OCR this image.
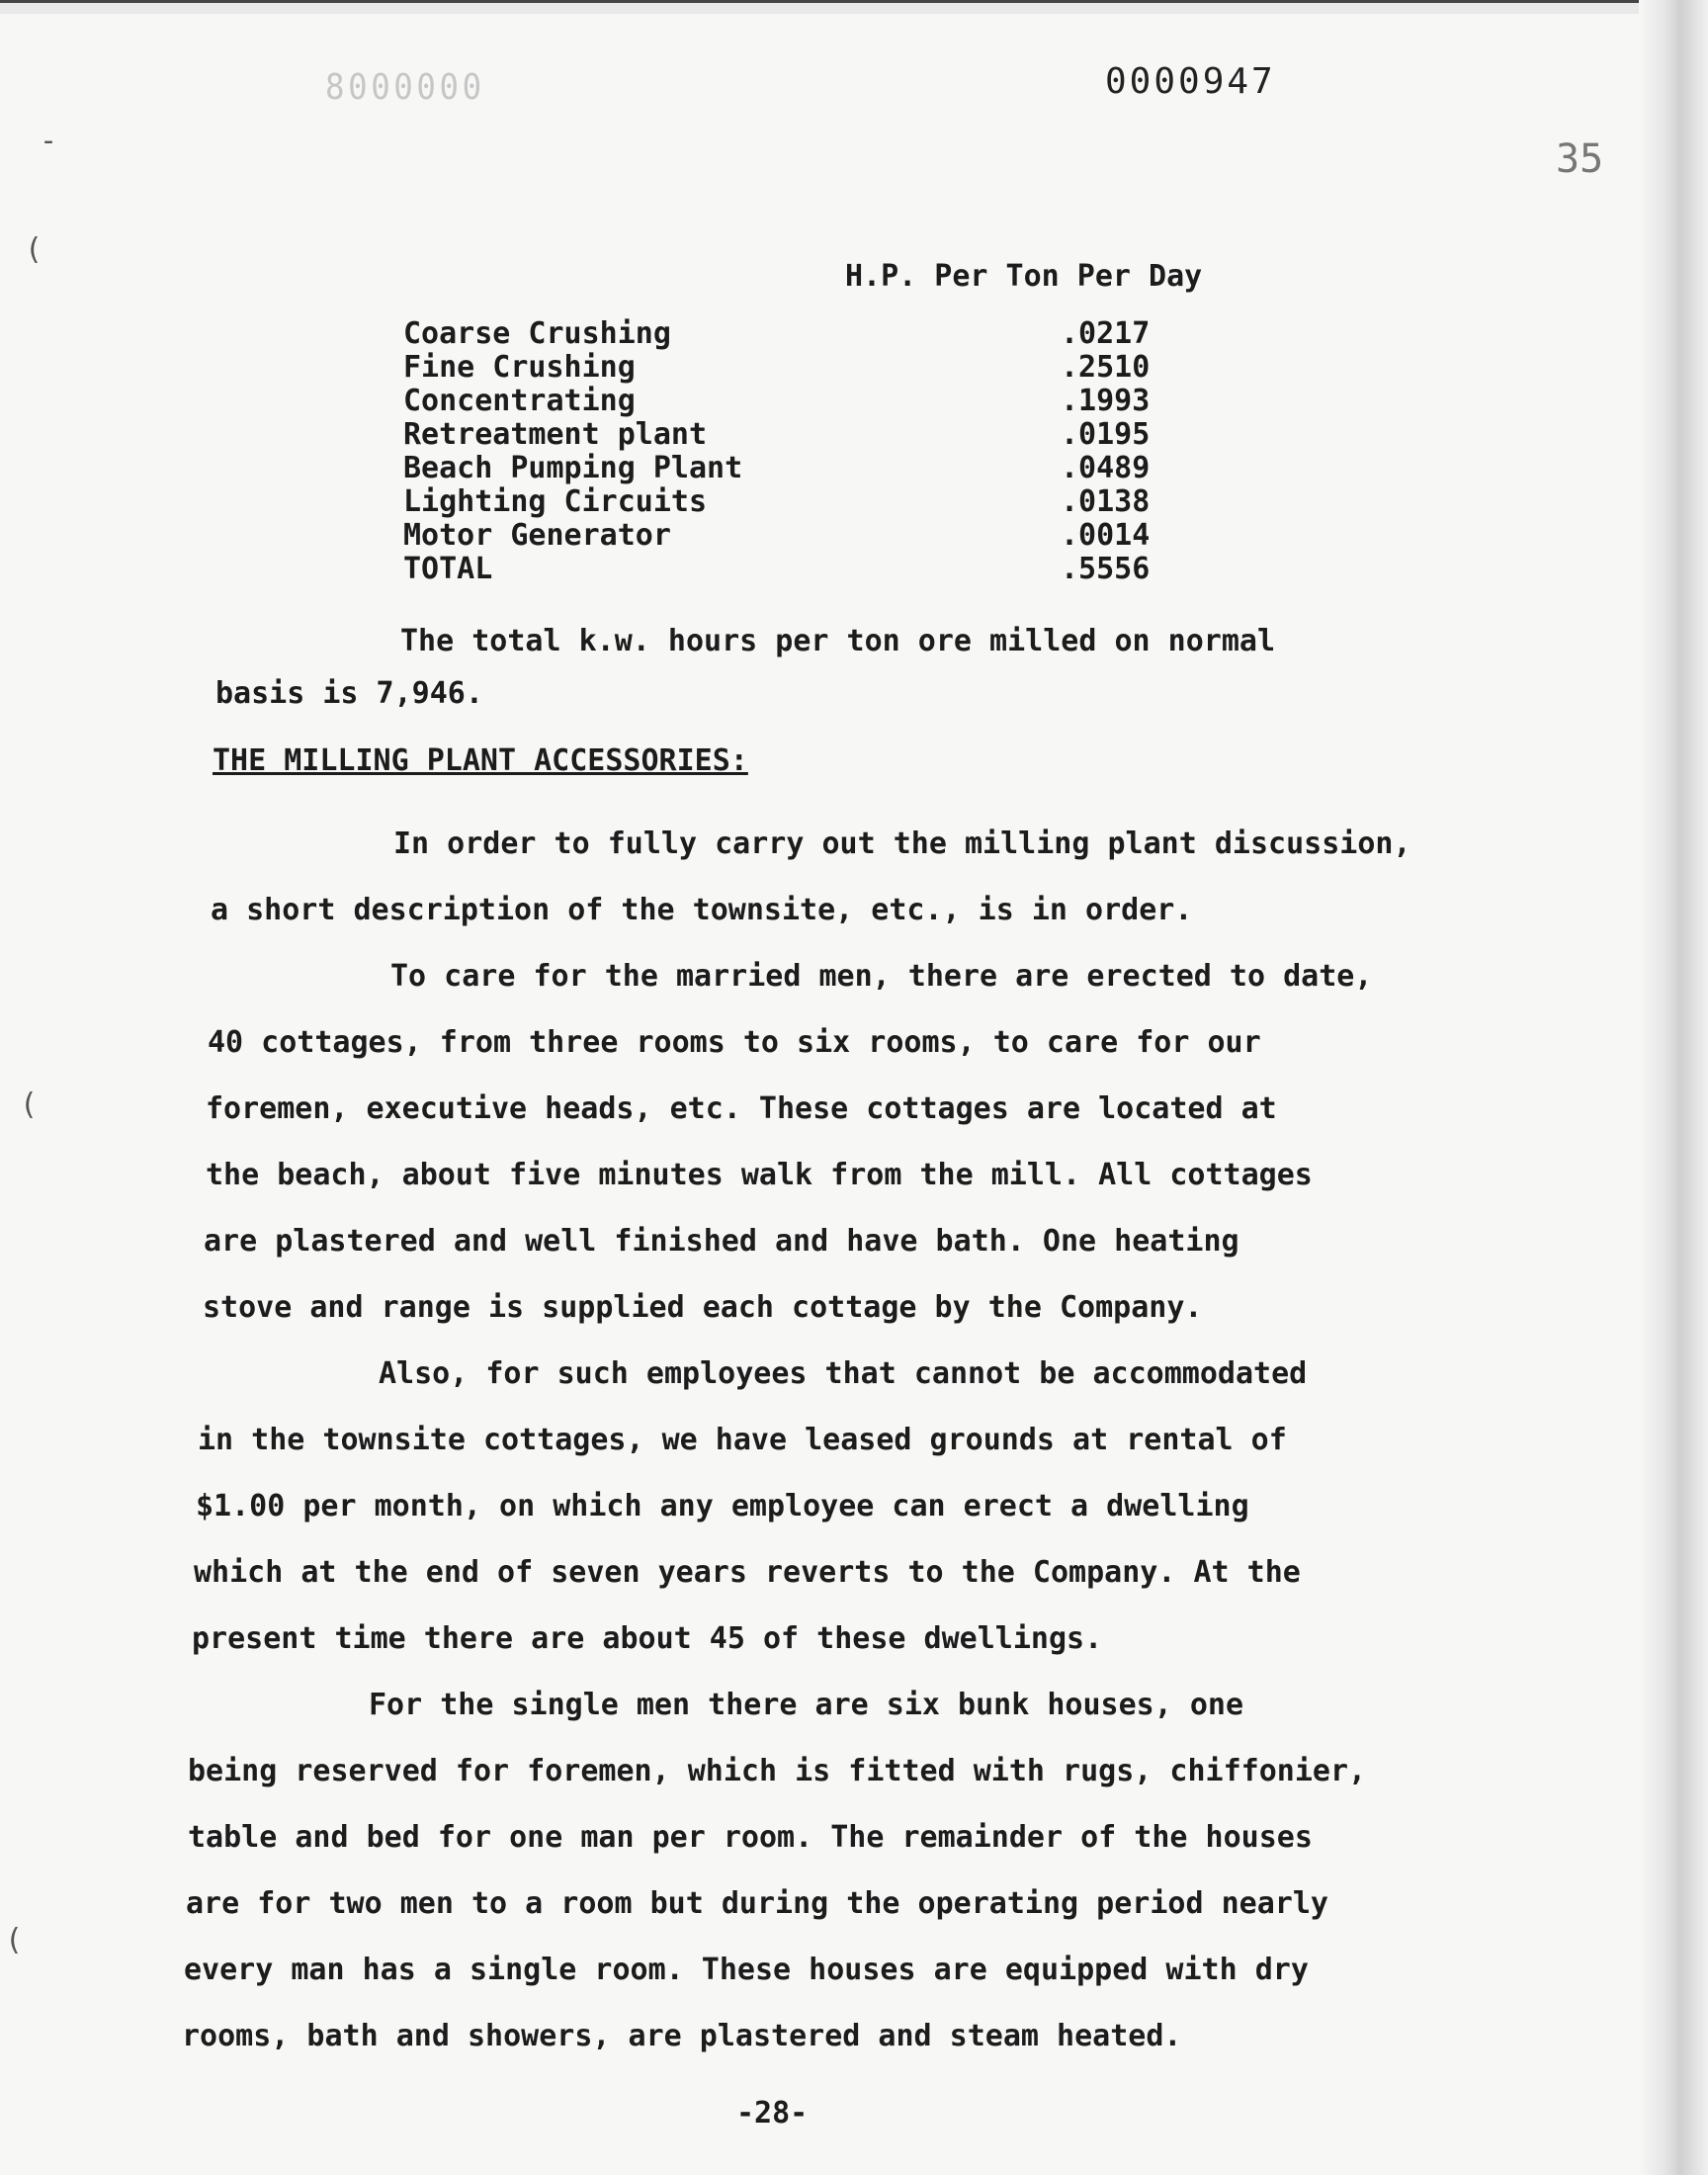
8000000	0000947
35
-
(
(
(
H.P. Per Ton Per Day
Coarse Crushing	.0217
Fine Crushing	.2510
Concentrating	.1993
Retreatment plant	.0195
Beach Pumping Plant	.0489
Lighting Circuits	.0138
Motor Generator	.0014
TOTAL	.5556
The total k.w. hours per ton ore milled on normal
basis is 7,946.
THE MILLING PLANT ACCESSORIES:
In order to fully carry out the milling plant discussion,
a short description of the townsite, etc., is in order.
To care for the married men, there are erected to date,
40 cottages, from three rooms to six rooms, to care for our
foremen, executive heads, etc. These cottages are located at
the beach, about five minutes walk from the mill. All cottages
are plastered and well finished and have bath. One heating
stove and range is supplied each cottage by the Company.
Also, for such employees that cannot be accommodated
in the townsite cottages, we have leased grounds at rental of
$1.00 per month, on which any employee can erect a dwelling
which at the end of seven years reverts to the Company. At the
present time there are about 45 of these dwellings.
For the single men there are six bunk houses, one
being reserved for foremen, which is fitted with rugs, chiffonier,
table and bed for one man per room. The remainder of the houses
are for two men to a room but during the operating period nearly
every man has a single room. These houses are equipped with dry
rooms, bath and showers, are plastered and steam heated.
-28-
